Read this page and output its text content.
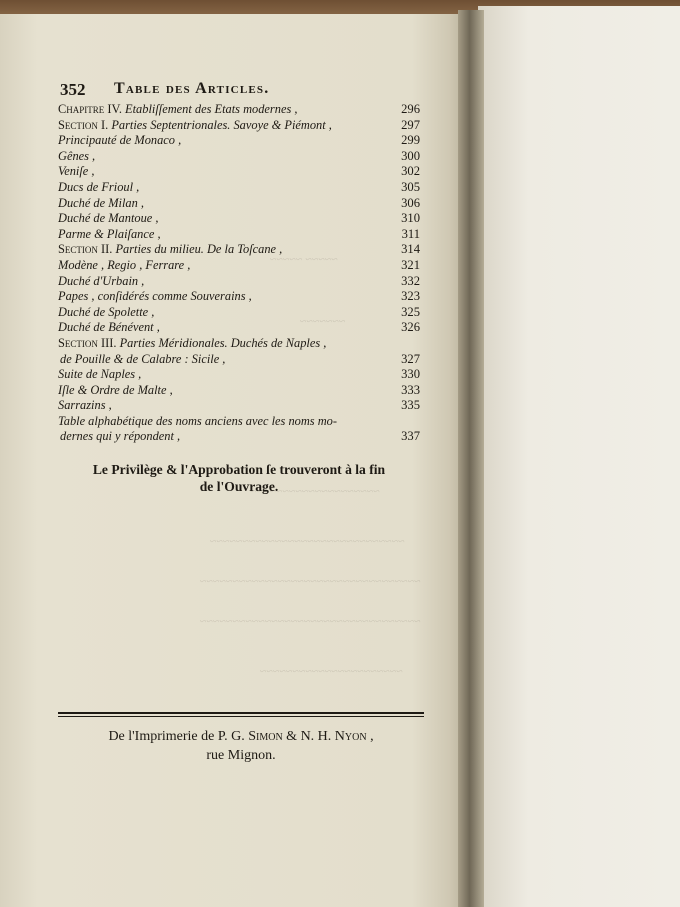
~~~~~ ~~~~~
~~~~~~~
~~~~~~~~~~~~~~~~~~~~
~~~~~~~~~~~~~~~~~~~~~~~~~~~~~~
~~~~~~~~~~~~~~~~~~~~~~~~~~~~~~~~~~
~~~~~~~~~~~~~~~~~~~~~~~~~~~~~~~~~~
~~~~~~~~~~~~~~~~~~~~~~
352 Table des Articles.
Chapitre IV. Etabliſſement des Etats modernes ,	296
Section I. Parties Septentrionales. Savoye & Piémont ,	297
Principauté de Monaco ,	299
Gênes ,	300
Veniſe ,	302
Ducs de Frioul ,	305
Duché de Milan ,	306
Duché de Mantoue ,	310
Parme & Plaiſance ,	311
Section II. Parties du milieu. De la Toſcane ,	314
Modène , Regio , Ferrare ,	321
Duché d'Urbain ,	332
Papes , conſidérés comme Souverains ,	323
Duché de Spolette ,	325
Duché de Bénévent ,	326
Section III. Parties Méridionales. Duchés de Naples ,
de Pouille & de Calabre : Sicile ,	327
Suite de Naples ,	330
Iſle & Ordre de Malte ,	333
Sarrazins ,	335
Table alphabétique des noms anciens avec les noms mo-
dernes qui y répondent ,	337
Le Privilège & l'Approbation ſe trouveront à la fin
de l'Ouvrage.
De l'Imprimerie de P. G. Simon & N. H. Nyon ,
rue Mignon.
